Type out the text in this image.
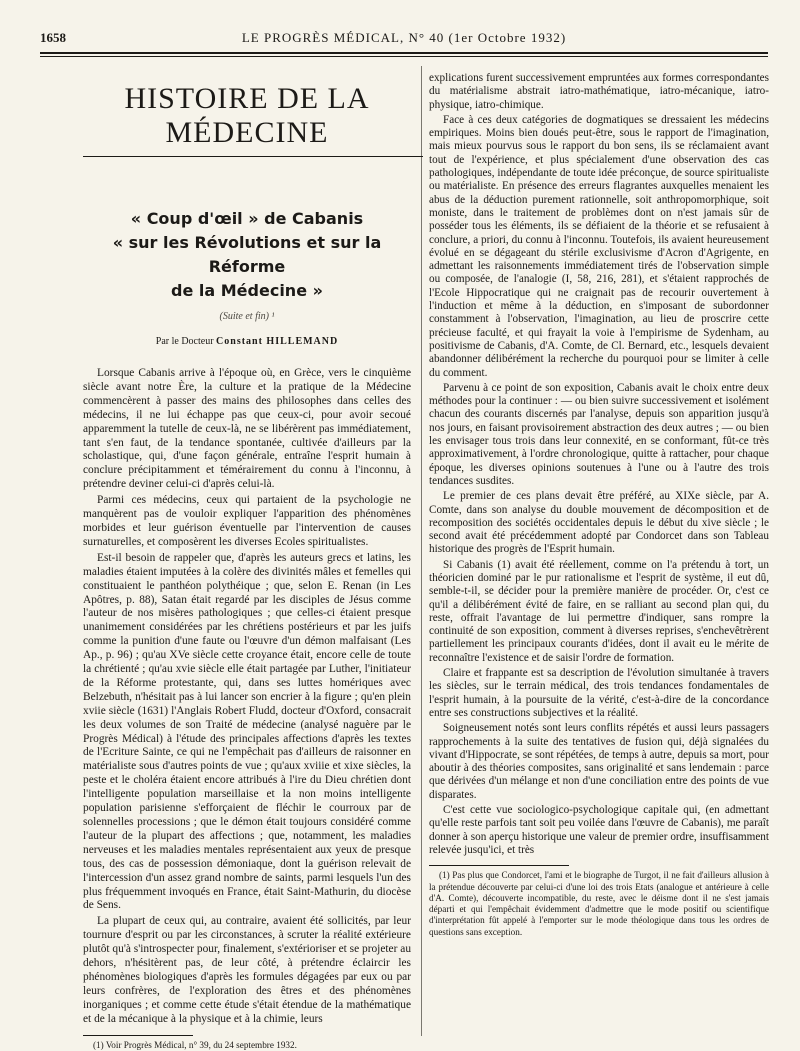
1658	LE PROGRÈS MÉDICAL, N° 40 (1er Octobre 1932)
HISTOIRE DE LA MÉDECINE

« Coup d'œil » de Cabanis

« sur les Révolutions et sur la Réforme

de la Médecine »

(Suite et fin) ¹

Par le Docteur Constant HILLEMAND

Lorsque Cabanis arrive à l'époque où, en Grèce, vers le cinquième siècle avant notre Ère, la culture et la pratique de la Médecine commencèrent à passer des mains des philosophes dans celles des médecins, il ne lui échappe pas que ceux-ci, pour avoir secoué apparemment la tutelle de ceux-là, ne se libérèrent pas immédiatement, tant s'en faut, de la tendance spontanée, cultivée d'ailleurs par la scholastique, qui, d'une façon générale, entraîne l'esprit humain à conclure précipitamment et témérairement du connu à l'inconnu, à prétendre deviner celui-ci d'après celui-là.

Parmi ces médecins, ceux qui partaient de la psychologie ne manquèrent pas de vouloir expliquer l'apparition des phénomènes morbides et leur guérison éventuelle par l'intervention de causes surnaturelles, et composèrent les diverses Ecoles spiritualistes.

Est-il besoin de rappeler que, d'après les auteurs grecs et latins, les maladies étaient imputées à la colère des divinités mâles et femelles qui constituaient le panthéon polythéique ; que, selon E. Renan (in Les Apôtres, p. 88), Satan était regardé par les disciples de Jésus comme l'auteur de nos misères pathologiques ; que celles-ci étaient presque unanimement considérées par les chrétiens postérieurs et par les juifs comme la punition d'une faute ou l'œuvre d'un démon malfaisant (Les Ap., p. 96) ; qu'au XVe siècle cette croyance était, encore celle de toute la chrétienté ; qu'au xvie siècle elle était partagée par Luther, l'initiateur de la Réforme protestante, qui, dans ses luttes homériques avec Belzebuth, n'hésitait pas à lui lancer son encrier à la figure ; qu'en plein xviie siècle (1631) l'Anglais Robert Fludd, docteur d'Oxford, consacrait les deux volumes de son Traité de médecine (analysé naguère par le Progrès Médical) à l'étude des principales affections d'après les textes de l'Ecriture Sainte, ce qui ne l'empêchait pas d'ailleurs de raisonner en matérialiste sous d'autres points de vue ; qu'aux xviiie et xixe siècles, la peste et le choléra étaient encore attribués à l'ire du Dieu chrétien dont l'intelligente population marseillaise et la non moins intelligente population parisienne s'efforçaient de fléchir le courroux par de solennelles processions ; que le démon était toujours considéré comme l'auteur de la plupart des affections ; que, notamment, les maladies nerveuses et les maladies mentales représentaient aux yeux de presque tous, des cas de possession démoniaque, dont la guérison relevait de l'intercession d'un assez grand nombre de saints, parmi lesquels l'un des plus fréquemment invoqués en France, était Saint-Mathurin, du diocèse de Sens.

La plupart de ceux qui, au contraire, avaient été sollicités, par leur tournure d'esprit ou par les circonstances, à scruter la réalité extérieure plutôt qu'à s'introspecter pour, finalement, s'extérioriser et se projeter au dehors, n'hésitèrent pas, de leur côté, à prétendre éclaircir les phénomènes biologiques d'après les formules dégagées par eux ou par leurs confrères, de l'exploration des êtres et des phénomènes inorganiques ; et comme cette étude s'était étendue de la mathématique et de la mécanique à la physique et à la chimie, leurs

(1) Voir Progrès Médical, n° 39, du 24 septembre 1932.

explications furent successivement empruntées aux formes correspondantes du matérialisme abstrait iatro-mathématique, iatro-mécanique, iatro-physique, iatro-chimique.

Face à ces deux catégories de dogmatiques se dressaient les médecins empiriques. Moins bien doués peut-être, sous le rapport de l'imagination, mais mieux pourvus sous le rapport du bon sens, ils se réclamaient avant tout de l'expérience, et plus spécialement d'une observation des cas pathologiques, indépendante de toute idée préconçue, de source spiritualiste ou matérialiste. En présence des erreurs flagrantes auxquelles menaient les abus de la déduction purement rationnelle, soit anthropomorphique, soit moniste, dans le traitement de problèmes dont on n'est jamais sûr de posséder tous les éléments, ils se défiaient de la théorie et se refusaient à conclure, a priori, du connu à l'inconnu. Toutefois, ils avaient heureusement évolué en se dégageant du stérile exclusivisme d'Acron d'Agrigente, en admettant les raisonnements immédiatement tirés de l'observation simple ou composée, de l'analogie (I, 58, 216, 281), et s'étaient rapprochés de l'Ecole Hippocratique qui ne craignait pas de recourir ouvertement à l'induction et même à la déduction, en s'imposant de subordonner constamment à l'observation, l'imagination, au lieu de proscrire cette précieuse faculté, et qui frayait la voie à l'empirisme de Sydenham, au positivisme de Cabanis, d'A. Comte, de Cl. Bernard, etc., lesquels devaient abandonner délibérément la recherche du pourquoi pour se limiter à celle du comment.

Parvenu à ce point de son exposition, Cabanis avait le choix entre deux méthodes pour la continuer : — ou bien suivre successivement et isolément chacun des courants discernés par l'analyse, depuis son apparition jusqu'à nos jours, en faisant provisoirement abstraction des deux autres ; — ou bien les envisager tous trois dans leur connexité, en se conformant, fût-ce très approximativement, à l'ordre chronologique, quitte à rattacher, pour chaque époque, les diverses opinions soutenues à l'une ou à l'autre des trois tendances susdites.

Le premier de ces plans devait être préféré, au XIXe siècle, par A. Comte, dans son analyse du double mouvement de décomposition et de recomposition des sociétés occidentales depuis le début du xive siècle ; le second avait été précédemment adopté par Condorcet dans son Tableau historique des progrès de l'Esprit humain.

Si Cabanis (1) avait été réellement, comme on l'a prétendu à tort, un théoricien dominé par le pur rationalisme et l'esprit de système, il eut dû, semble-t-il, se décider pour la première manière de procéder. Or, c'est ce qu'il a délibérément évité de faire, en se ralliant au second plan qui, du reste, offrait l'avantage de lui permettre d'indiquer, sans rompre la continuité de son exposition, comment à diverses reprises, s'enchevêtrèrent partiellement les principaux courants d'idées, dont il avait eu le mérite de reconnaître l'existence et de saisir l'ordre de formation.

Claire et frappante est sa description de l'évolution simultanée à travers les siècles, sur le terrain médical, des trois tendances fondamentales de l'esprit humain, à la poursuite de la vérité, c'est-à-dire de la concordance entre ses constructions subjectives et la réalité.

Soigneusement notés sont leurs conflits répétés et aussi leurs passagers rapprochements à la suite des tentatives de fusion qui, déjà signalées du vivant d'Hippocrate, se sont répétées, de temps à autre, depuis sa mort, pour aboutir à des théories composites, sans originalité et sans lendemain : parce que dérivées d'un mélange et non d'une conciliation entre des points de vue disparates.

C'est cette vue sociologico-psychologique capitale qui, (en admettant qu'elle reste parfois tant soit peu voilée dans l'œuvre de Cabanis), me paraît donner à son aperçu historique une valeur de premier ordre, insuffisamment relevée jusqu'ici, et très

(1) Pas plus que Condorcet, l'ami et le biographe de Turgot, il ne fait d'ailleurs allusion à la prétendue découverte par celui-ci d'une loi des trois Etats (analogue et antérieure à celle d'A. Comte), découverte incompatible, du reste, avec le déisme dont il ne s'est jamais départi et qui l'empêchait évidemment d'admettre que le mode positif ou scientifique d'interprétation fût appelé à l'emporter sur le mode théologique dans tous les ordres de questions sans exception.
